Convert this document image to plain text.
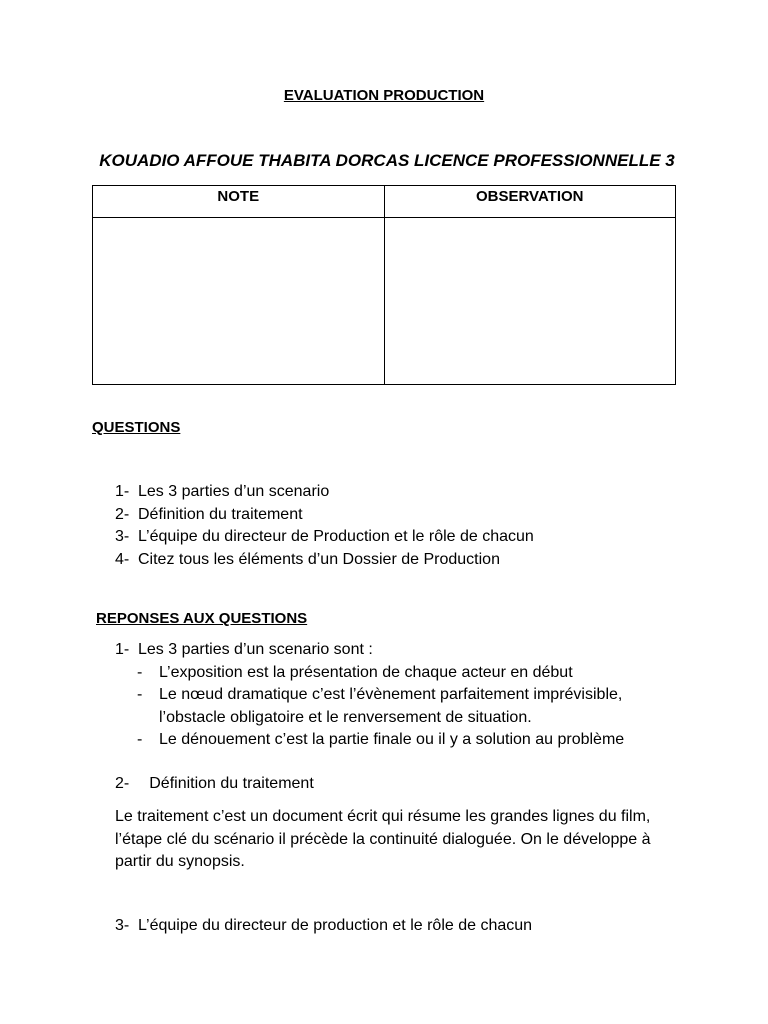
EVALUATION PRODUCTION
KOUADIO AFFOUE THABITA DORCAS LICENCE PROFESSIONNELLE 3
NOTE	OBSERVATION

QUESTIONS
1- Les 3 parties d’un scenario
2- Définition du traitement
3- L’équipe du directeur de Production et le rôle de chacun
4- Citez tous les éléments d’un Dossier de Production
REPONSES AUX QUESTIONS
1- Les 3 parties d’un scenario sont :
- L’exposition est la présentation de chaque acteur en début
- Le nœud dramatique c’est l’évènement parfaitement imprévisible, l’obstacle obligatoire et le renversement de situation.
- Le dénouement c’est la partie finale ou il y a solution au problème
2- Définition du traitement
Le traitement c’est un document écrit qui résume les grandes lignes du film, l’étape clé du scénario il précède la continuité dialoguée. On le développe à partir du synopsis.
3- L’équipe du directeur de production et le rôle de chacun
